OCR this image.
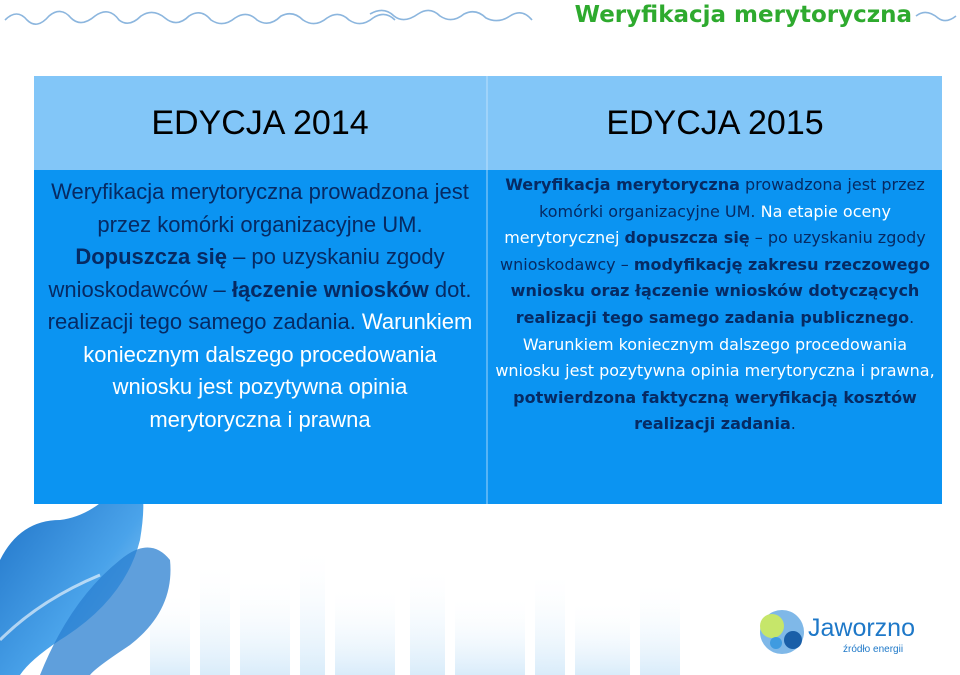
Weryfikacja merytoryczna
EDYCJA 2014	EDYCJA 2015
Weryfikacja merytoryczna prowadzona jest przez komórki organizacyjne UM. Dopuszcza się – po uzyskaniu zgody wnioskodawców – łączenie wniosków dot. realizacji tego samego zadania. Warunkiem koniecznym dalszego procedowania wniosku jest pozytywna opinia merytoryczna i prawna
Weryfikacja merytoryczna prowadzona jest przez komórki organizacyjne UM. Na etapie oceny merytorycznej dopuszcza się – po uzyskaniu zgody wnioskodawcy – modyfikację zakresu rzeczowego wniosku oraz łączenie wniosków dotyczących realizacji tego samego zadania publicznego.
Warunkiem koniecznym dalszego procedowania wniosku jest pozytywna opinia merytoryczna i prawna, potwierdzona faktyczną weryfikacją kosztów realizacji zadania.
Jaworzno
źródło energii
